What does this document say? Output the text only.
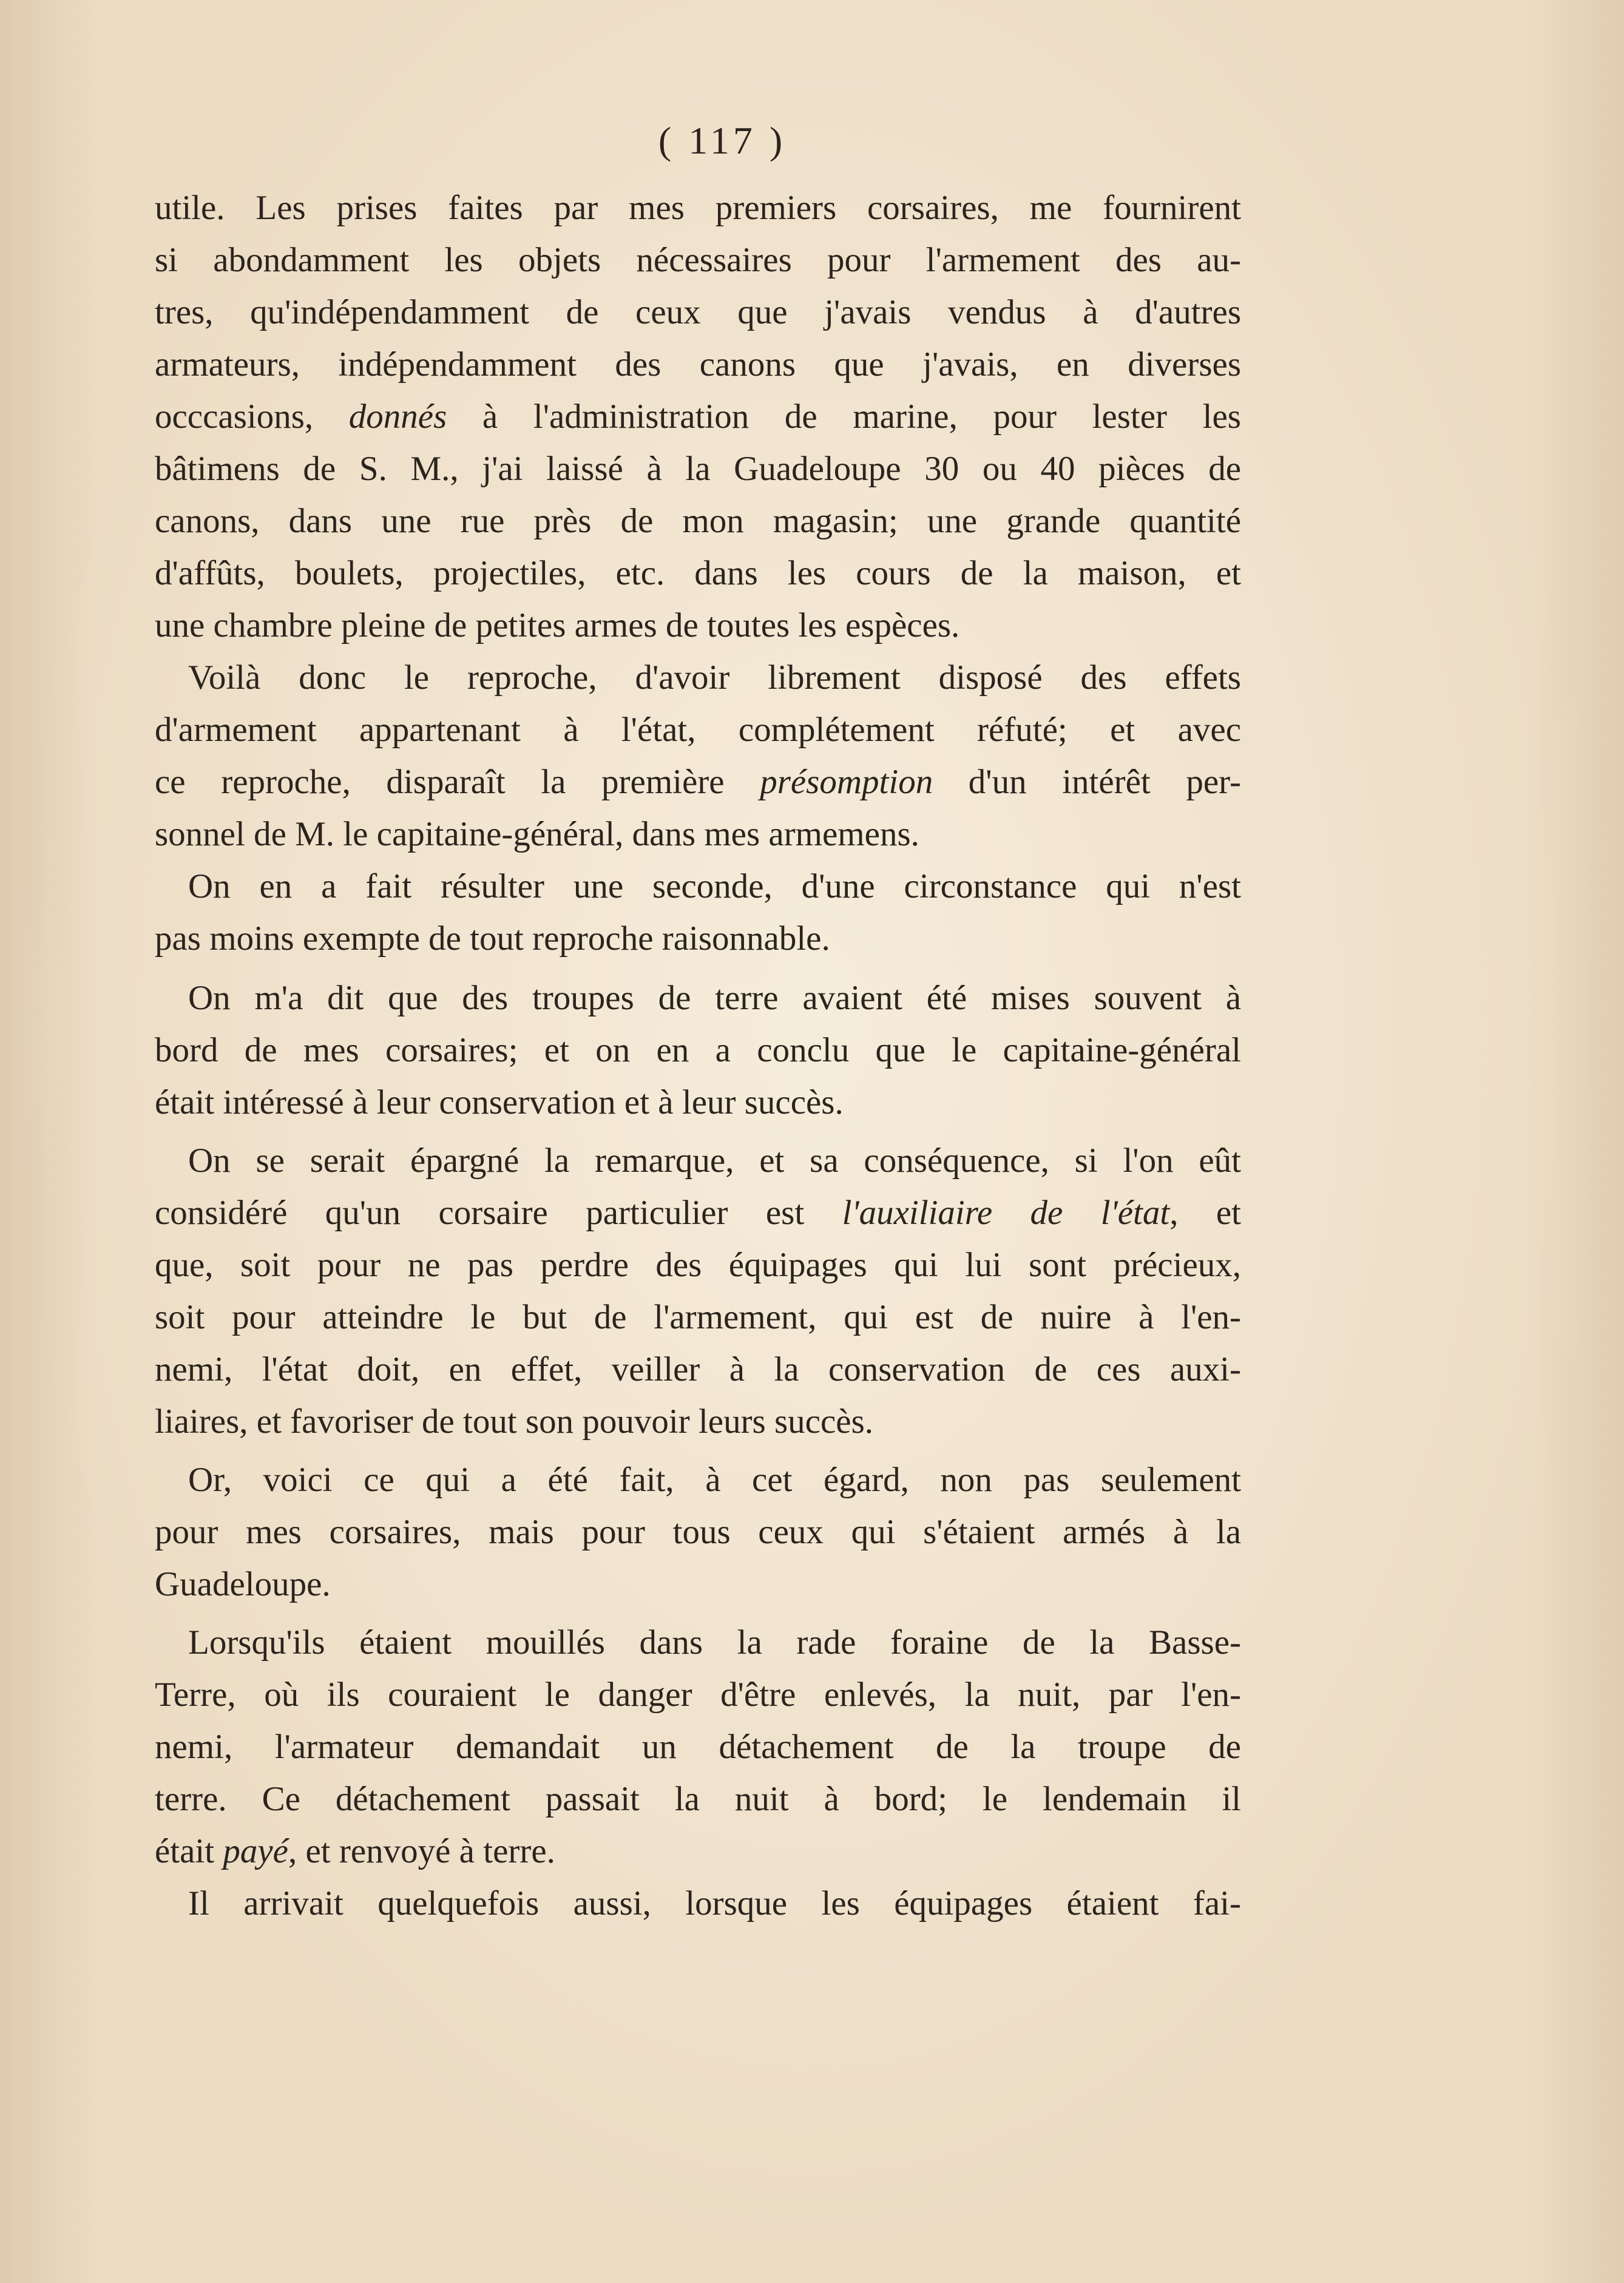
( 117 )
utile. Les prises faites par mes premiers corsaires, me fournirent
si abondamment les objets nécessaires pour l'armement des au-
tres, qu'indépendamment de ceux que j'avais vendus à d'autres
armateurs, indépendamment des canons que j'avais, en diverses
occcasions, donnés à l'administration de marine, pour lester les
bâtimens de S. M., j'ai laissé à la Guadeloupe 30 ou 40 pièces de
canons, dans une rue près de mon magasin; une grande quantité
d'affûts, boulets, projectiles, etc. dans les cours de la maison, et
une chambre pleine de petites armes de toutes les espèces.
Voilà donc le reproche, d'avoir librement disposé des effets
d'armement appartenant à l'état, complétement réfuté; et avec
ce reproche, disparaît la première présomption d'un intérêt per-
sonnel de M. le capitaine-général, dans mes armemens.
On en a fait résulter une seconde, d'une circonstance qui n'est
pas moins exempte de tout reproche raisonnable.
On m'a dit que des troupes de terre avaient été mises souvent à
bord de mes corsaires; et on en a conclu que le capitaine-général
était intéressé à leur conservation et à leur succès.
On se serait épargné la remarque, et sa conséquence, si l'on eût
considéré qu'un corsaire particulier est l'auxiliaire de l'état, et
que, soit pour ne pas perdre des équipages qui lui sont précieux,
soit pour atteindre le but de l'armement, qui est de nuire à l'en-
nemi, l'état doit, en effet, veiller à la conservation de ces auxi-
liaires, et favoriser de tout son pouvoir leurs succès.
Or, voici ce qui a été fait, à cet égard, non pas seulement
pour mes corsaires, mais pour tous ceux qui s'étaient armés à la
Guadeloupe.
Lorsqu'ils étaient mouillés dans la rade foraine de la Basse-
Terre, où ils couraient le danger d'être enlevés, la nuit, par l'en-
nemi, l'armateur demandait un détachement de la troupe de
terre. Ce détachement passait la nuit à bord; le lendemain il
était payé, et renvoyé à terre.
Il arrivait quelquefois aussi, lorsque les équipages étaient fai-
